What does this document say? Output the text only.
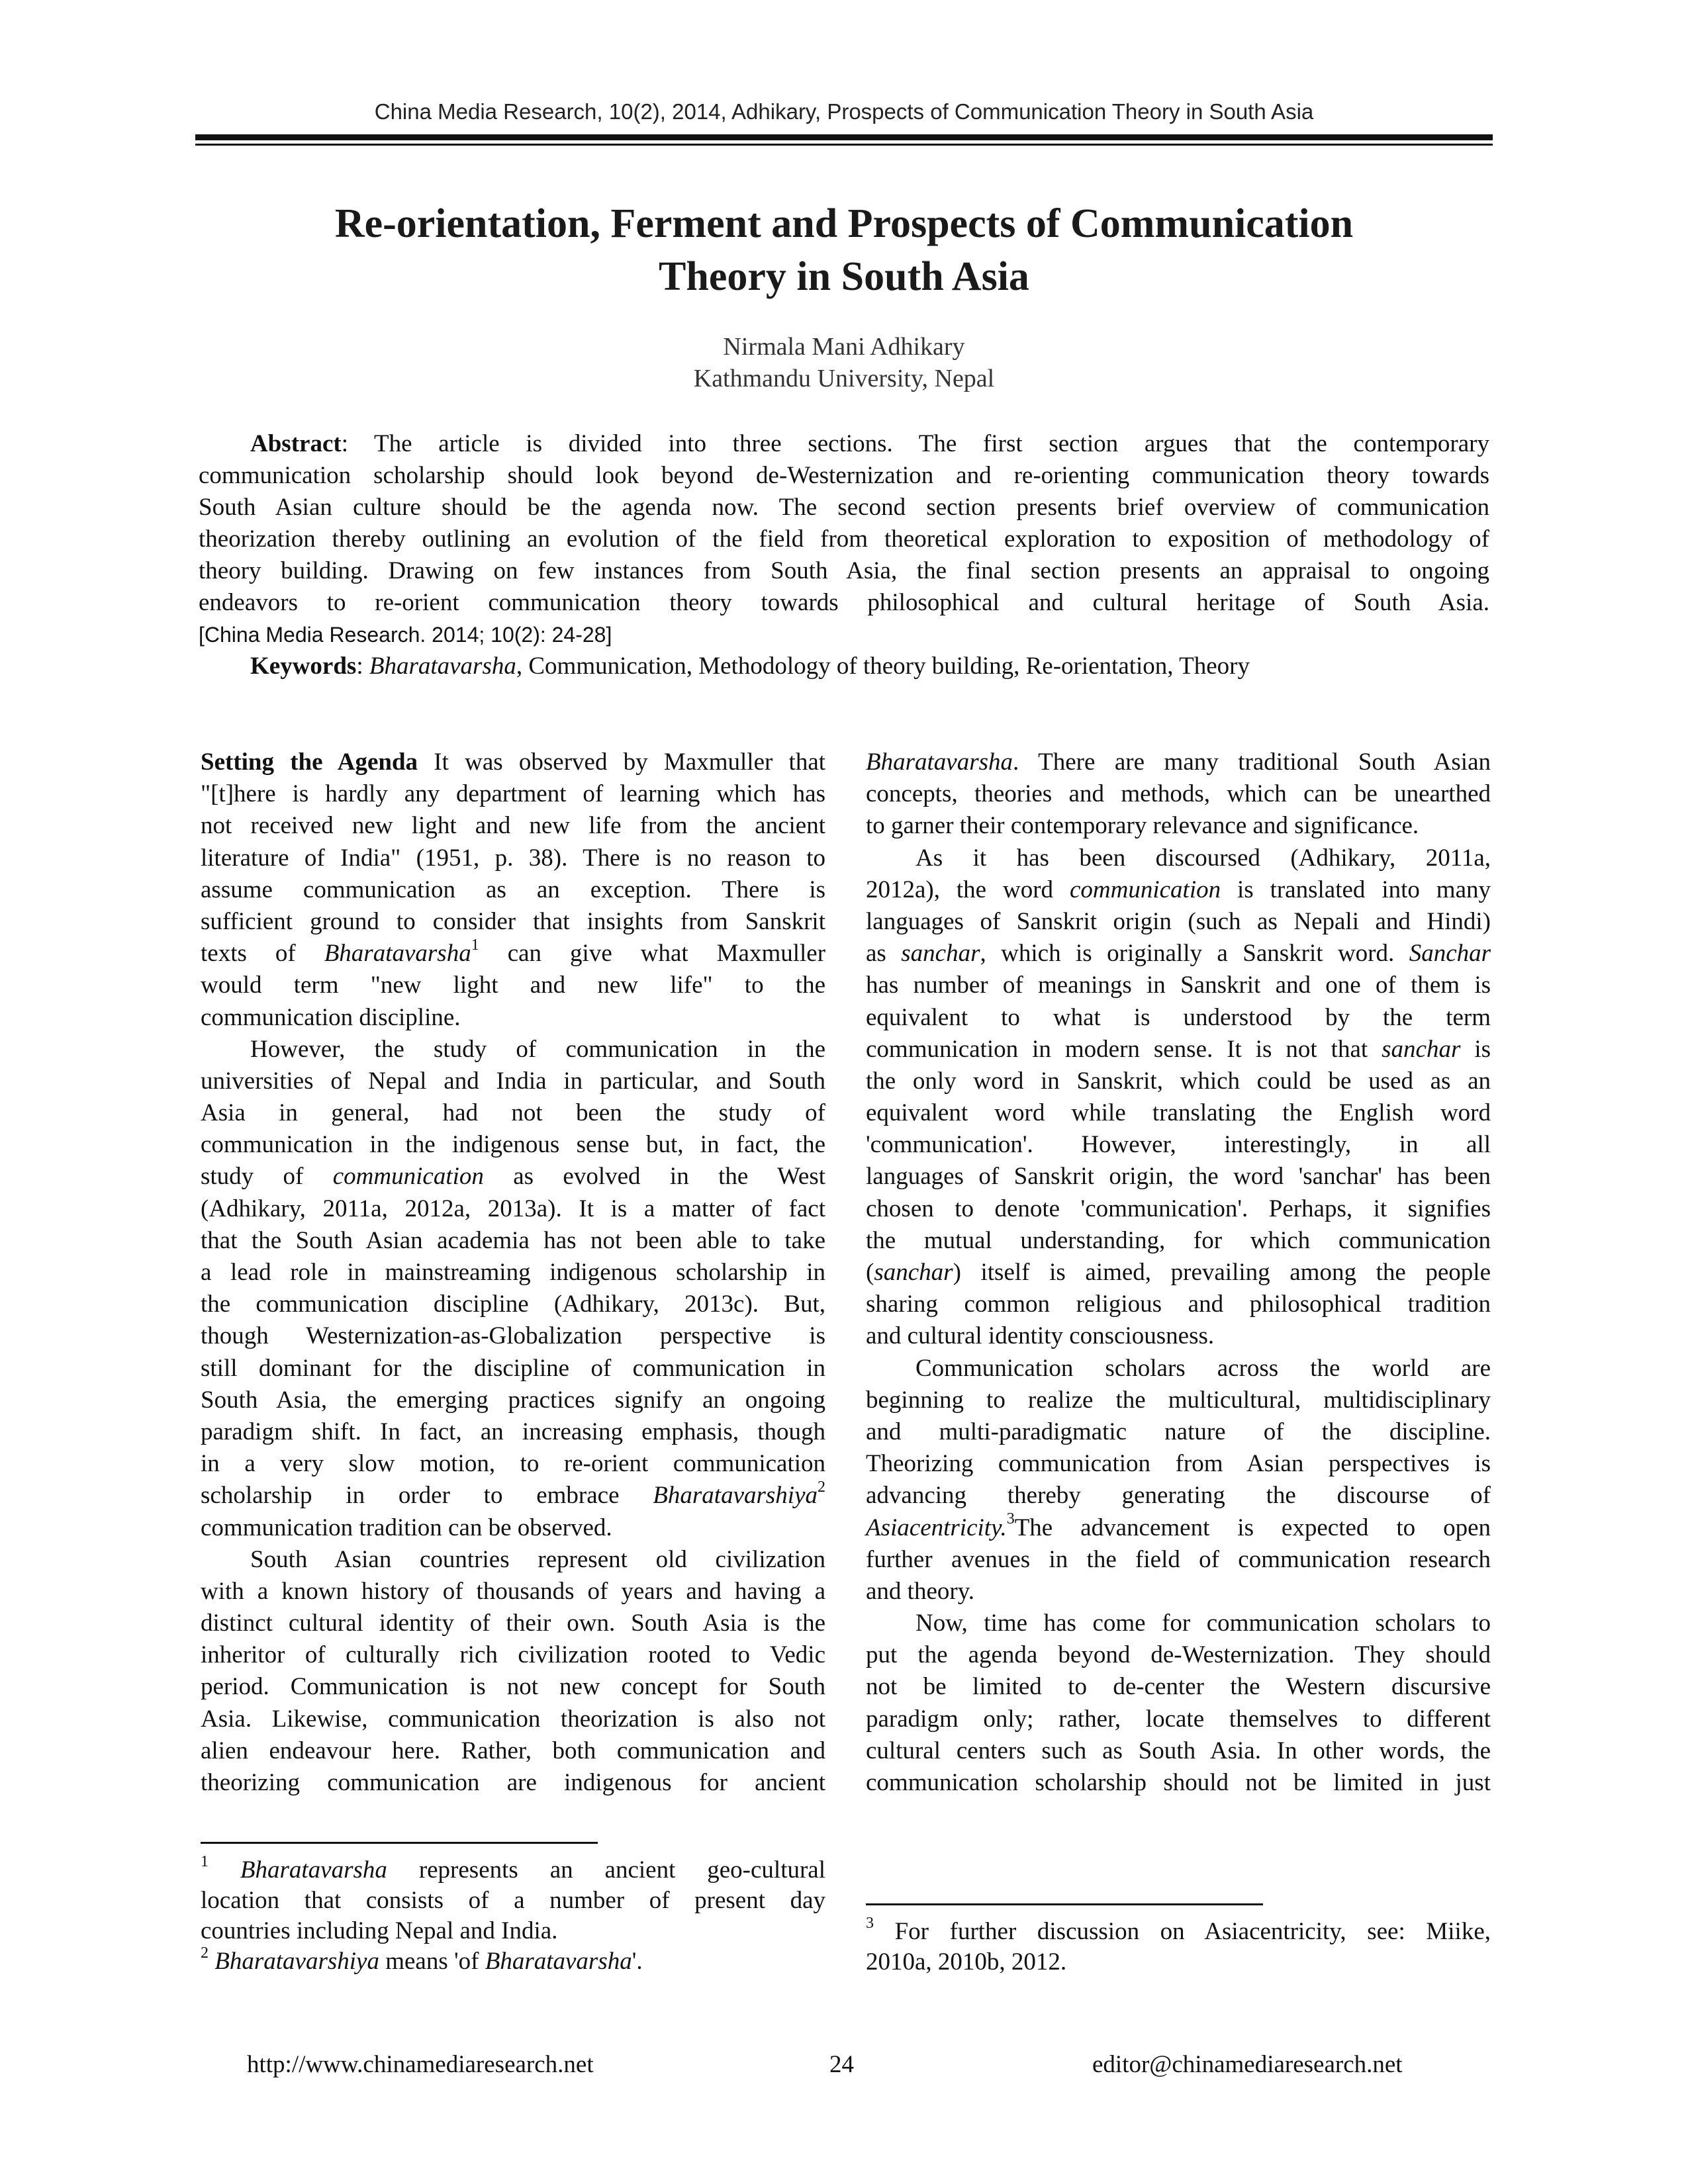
China Media Research, 10(2), 2014, Adhikary, Prospects of Communication Theory in South Asia
Re-orientation, Ferment and Prospects of Communication
Theory in South Asia
Nirmala Mani Adhikary
Kathmandu University, Nepal
Abstract: The article is divided into three sections. The first section argues that the contemporary
communication scholarship should look beyond de-Westernization and re-orienting communication theory towards
South Asian culture should be the agenda now. The second section presents brief overview of communication
theorization thereby outlining an evolution of the field from theoretical exploration to exposition of methodology of
theory building. Drawing on few instances from South Asia, the final section presents an appraisal to ongoing
endeavors to re-orient communication theory towards philosophical and cultural heritage of South Asia.
[China Media Research. 2014; 10(2): 24-28]
Keywords: Bharatavarsha, Communication, Methodology of theory building, Re-orientation, Theory
Setting the Agenda It was observed by Maxmuller that
"[t]here is hardly any department of learning which has
not received new light and new life from the ancient
literature of India" (1951, p. 38). There is no reason to
assume communication as an exception. There is
sufficient ground to consider that insights from Sanskrit
texts of Bharatavarsha$^1$ can give what Maxmuller
would term "new light and new life" to the
communication discipline.
However, the study of communication in the
universities of Nepal and India in particular, and South
Asia in general, had not been the study of
communication in the indigenous sense but, in fact, the
study of communication as evolved in the West
(Adhikary, 2011a, 2012a, 2013a). It is a matter of fact
that the South Asian academia has not been able to take
a lead role in mainstreaming indigenous scholarship in
the communication discipline (Adhikary, 2013c). But,
though Westernization-as-Globalization perspective is
still dominant for the discipline of communication in
South Asia, the emerging practices signify an ongoing
paradigm shift. In fact, an increasing emphasis, though
in a very slow motion, to re-orient communication
scholarship in order to embrace Bharatavarshiya$^2$
communication tradition can be observed.
South Asian countries represent old civilization
with a known history of thousands of years and having a
distinct cultural identity of their own. South Asia is the
inheritor of culturally rich civilization rooted to Vedic
period. Communication is not new concept for South
Asia. Likewise, communication theorization is also not
alien endeavour here. Rather, both communication and
theorizing communication are indigenous for ancient
Bharatavarsha. There are many traditional South Asian
concepts, theories and methods, which can be unearthed
to garner their contemporary relevance and significance.
As it has been discoursed (Adhikary, 2011a,
2012a), the word communication is translated into many
languages of Sanskrit origin (such as Nepali and Hindi)
as sanchar, which is originally a Sanskrit word. Sanchar
has number of meanings in Sanskrit and one of them is
equivalent to what is understood by the term
communication in modern sense. It is not that sanchar is
the only word in Sanskrit, which could be used as an
equivalent word while translating the English word
'communication'. However, interestingly, in all
languages of Sanskrit origin, the word 'sanchar' has been
chosen to denote 'communication'. Perhaps, it signifies
the mutual understanding, for which communication
(sanchar) itself is aimed, prevailing among the people
sharing common religious and philosophical tradition
and cultural identity consciousness.
Communication scholars across the world are
beginning to realize the multicultural, multidisciplinary
and multi-paradigmatic nature of the discipline.
Theorizing communication from Asian perspectives is
advancing thereby generating the discourse of
Asiacentricity.$^3$The advancement is expected to open
further avenues in the field of communication research
and theory.
Now, time has come for communication scholars to
put the agenda beyond de-Westernization. They should
not be limited to de-center the Western discursive
paradigm only; rather, locate themselves to different
cultural centers such as South Asia. In other words, the
communication scholarship should not be limited in just
$^1$ Bharatavarsha represents an ancient geo-cultural
location that consists of a number of present day
countries including Nepal and India.
$^2$ Bharatavarshiya means 'of Bharatavarsha'.
$^3$ For further discussion on Asiacentricity, see: Miike,
2010a, 2010b, 2012.
http://www.chinamediaresearch.net	24	editor@chinamediaresearch.net
